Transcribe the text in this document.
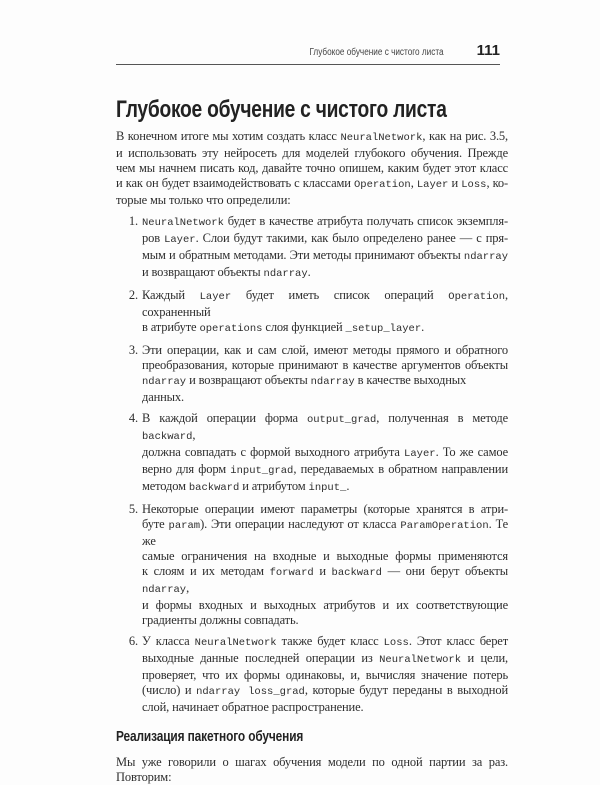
Глубокое обучение с чистого листа 111
Глубокое обучение с чистого листа
В конечном итоге мы хотим создать класс NeuralNetwork, как на рис. 3.5,
и использовать эту нейросеть для моделей глубокого обучения. Прежде
чем мы начнем писать код, давайте точно опишем, каким будет этот класс
и как он будет взаимодействовать с классами Operation, Layer и Loss, ко-
торые мы только что определили:
1. NeuralNetwork будет в качестве атрибута получать список экземпля-
ров Layer. Слои будут такими, как было определено ранее — с пря-
мым и обратным методами. Эти методы принимают объекты ndarray
и возвращают объекты ndarray.
2. Каждый Layer будет иметь список операций Operation, сохраненный
в атрибуте operations слоя функцией _setup_layer.
3. Эти операции, как и сам слой, имеют методы прямого и обратного
преобразования, которые принимают в качестве аргументов объекты
ndarray и возвращают объекты ndarray в качестве выходных данных.
4. В каждой операции форма output_grad, полученная в методе backward,
должна совпадать с формой выходного атрибута Layer. То же самое
верно для форм input_grad, передаваемых в обратном направлении
методом backward и атрибутом input_.
5. Некоторые операции имеют параметры (которые хранятся в атри-
буте param). Эти операции наследуют от класса ParamOperation. Те же
самые ограничения на входные и выходные формы применяются
к слоям и их методам forward и backward — они берут объекты ndarray,
и формы входных и выходных атрибутов и их соответствующие
градиенты должны совпадать.
6. У класса NeuralNetwork также будет класс Loss. Этот класс берет
выходные данные последней операции из NeuralNetwork и цели,
проверяет, что их формы одинаковы, и, вычисляя значение потерь
(число) и ndarray loss_grad, которые будут переданы в выходной
слой, начинает обратное распространение.
Реализация пакетного обучения
Мы уже говорили о шагах обучения модели по одной партии за раз.
Повторим:
